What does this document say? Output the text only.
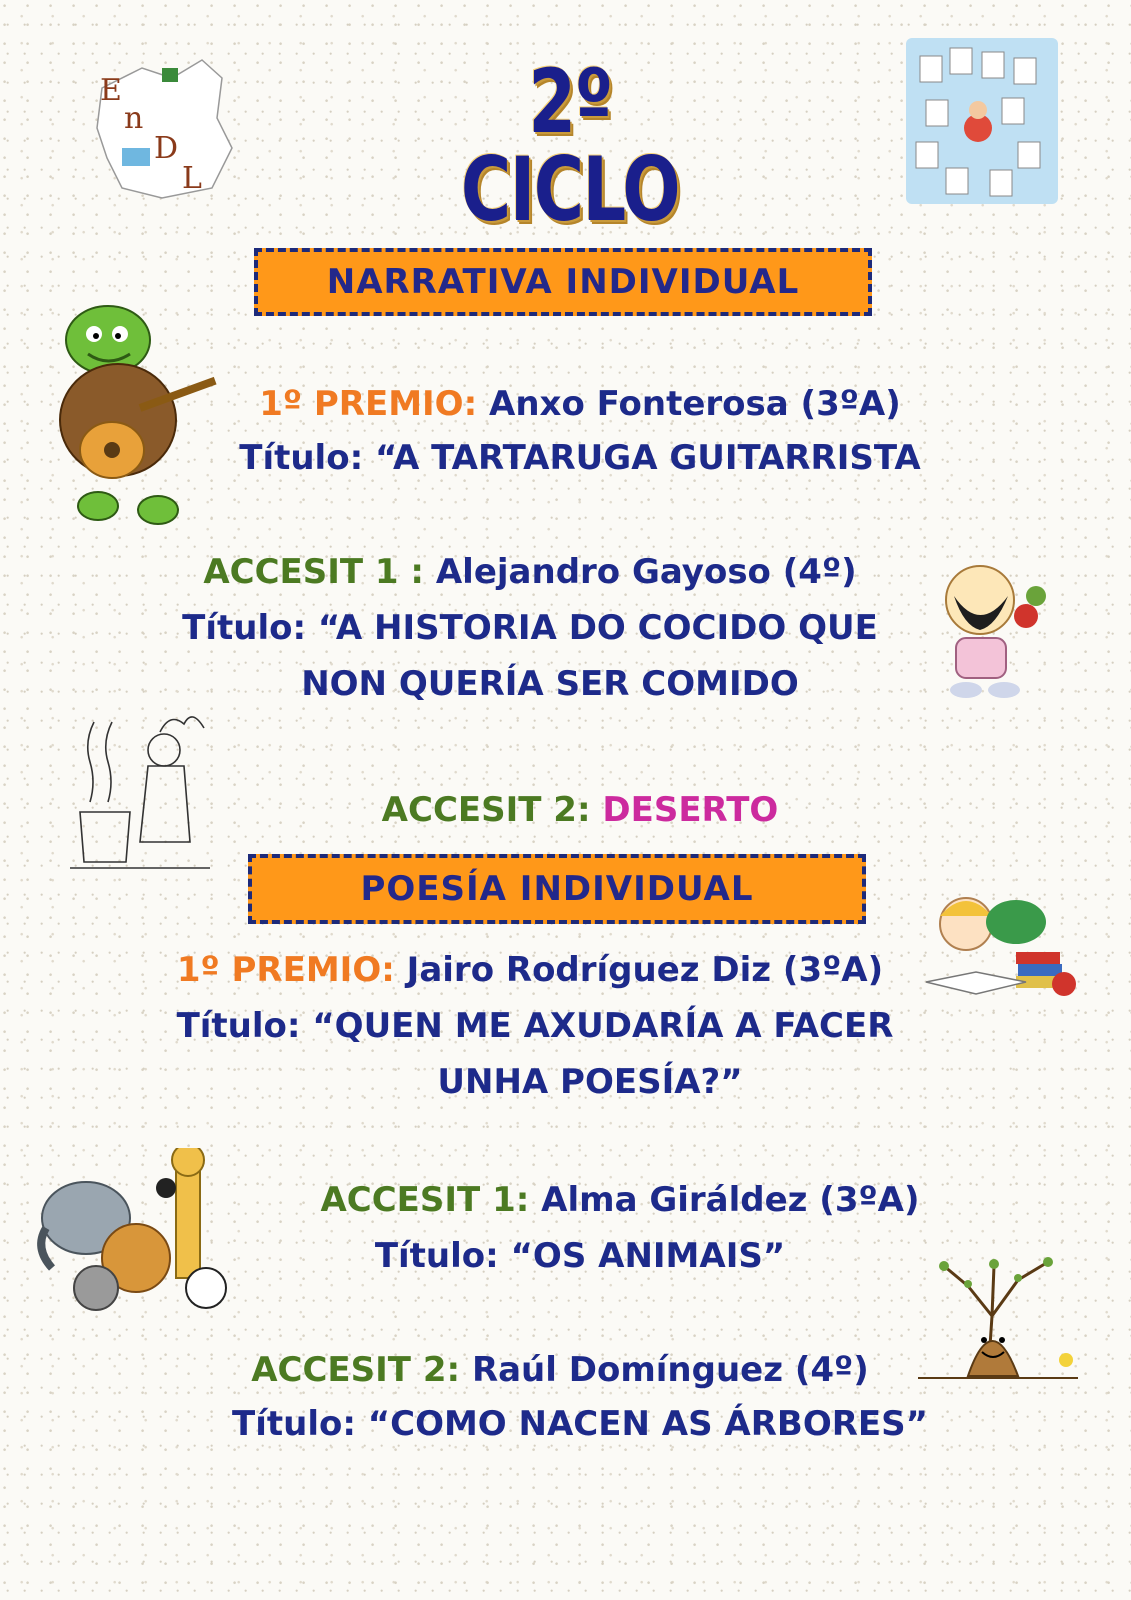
E
n
D
L
2º CICLO
NARRATIVA INDIVIDUAL
1º PREMIO: Anxo Fonterosa (3ºA)
Título: “A TARTARUGA GUITARRISTA
ACCESIT 1 : Alejandro Gayoso (4º)
Título: “A HISTORIA DO COCIDO QUE
NON QUERÍA SER COMIDO
ACCESIT 2: DESERTO
POESÍA INDIVIDUAL
1º PREMIO: Jairo Rodríguez Diz (3ºA)
Título: “QUEN ME AXUDARÍA A FACER
UNHA POESÍA?”
ACCESIT 1: Alma Giráldez (3ºA)
Título: “OS ANIMAIS”
ACCESIT 2: Raúl Domínguez (4º)
Título: “COMO NACEN AS ÁRBORES”
